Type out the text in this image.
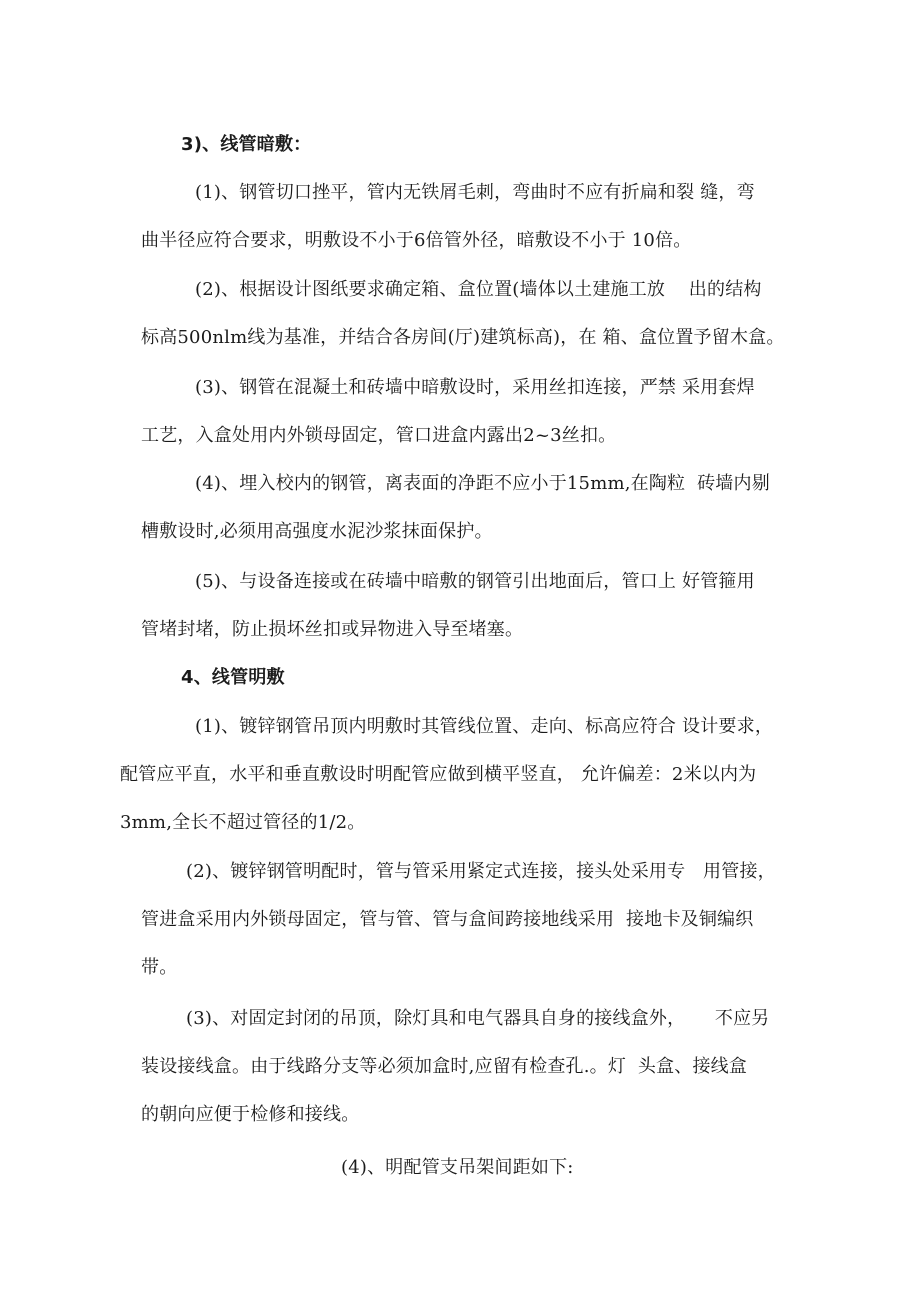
3)、线管暗敷：
(1)、钢管切口挫平，管内无铁屑毛刺，弯曲时不应有折扁和裂 缝，弯
曲半径应符合要求，明敷设不小于6倍管外径，暗敷设不小于 10倍。
(2)、根据设计图纸要求确定箱、盒位置(墙体以土建施工放    出的结构
标高500nlm线为基准，并结合各房间(厅)建筑标高)，在 箱、盒位置予留木盒。
(3)、钢管在混凝土和砖墙中暗敷设时，采用丝扣连接，严禁 采用套焊
工艺，入盒处用内外锁母固定，管口进盒内露出2~3丝扣。
(4)、埋入校内的钢管，离表面的净距不应小于15mm,在陶粒  砖墙内剔
槽敷设时,必须用高强度水泥沙浆抹面保护。
(5)、与设备连接或在砖墙中暗敷的钢管引出地面后，管口上 好管箍用
管堵封堵，防止损坏丝扣或异物进入导至堵塞。
4、线管明敷
(1)、镀锌钢管吊顶内明敷时其管线位置、走向、标高应符合 设计要求，
配管应平直，水平和垂直敷设时明配管应做到横平竖直， 允许偏差：2米以内为
3mm,全长不超过管径的1/2。
(2)、镀锌钢管明配时，管与管采用紧定式连接，接头处采用专   用管接，
管进盒采用内外锁母固定，管与管、管与盒间跨接地线采用  接地卡及铜编织
带。
(3)、对固定封闭的吊顶，除灯具和电气器具自身的接线盒外，     不应另
装设接线盒。由于线路分支等必须加盒时,应留有检查孔.。灯  头盒、接线盒
的朝向应便于检修和接线。
(4)、明配管支吊架间距如下:
